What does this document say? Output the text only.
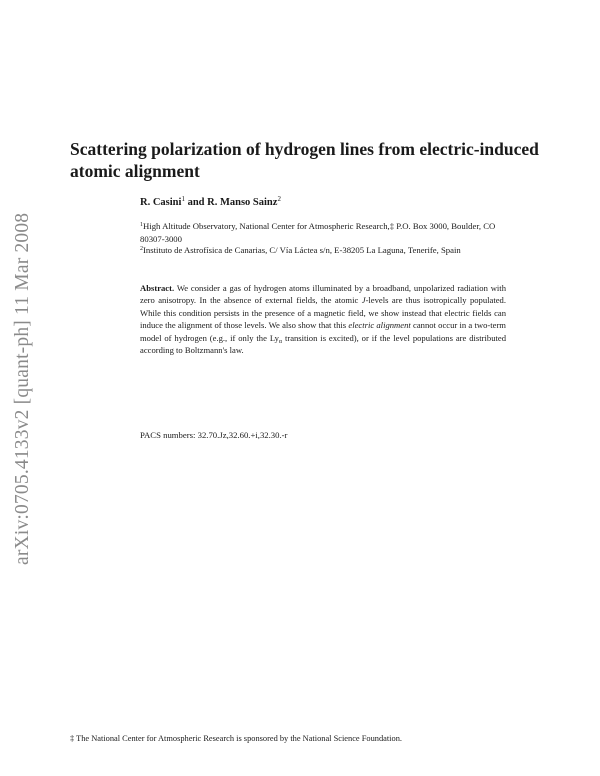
arXiv:0705.4133v2 [quant-ph] 11 Mar 2008
Scattering polarization of hydrogen lines from electric-induced atomic alignment
R. Casini$^1$ and R. Manso Sainz$^2$
$^1$High Altitude Observatory, National Center for Atmospheric Research,‡ P.O. Box 3000, Boulder, CO 80307-3000
$^2$Instituto de Astrofísica de Canarias, C/ Vía Láctea s/n, E-38205 La Laguna, Tenerife, Spain

Abstract. We consider a gas of hydrogen atoms illuminated by a broadband, unpolarized radiation with zero anisotropy. In the absence of external fields, the atomic J-levels are thus isotropically populated. While this condition persists in the presence of a magnetic field, we show instead that electric fields can induce the alignment of those levels. We also show that this electric alignment cannot occur in a two-term model of hydrogen (e.g., if only the $Ly_\alpha$ transition is excited), or if the level populations are distributed according to Boltzmann's law.

PACS numbers: 32.70.Jz,32.60.+i,32.30.-r
‡ The National Center for Atmospheric Research is sponsored by the National Science Foundation.
